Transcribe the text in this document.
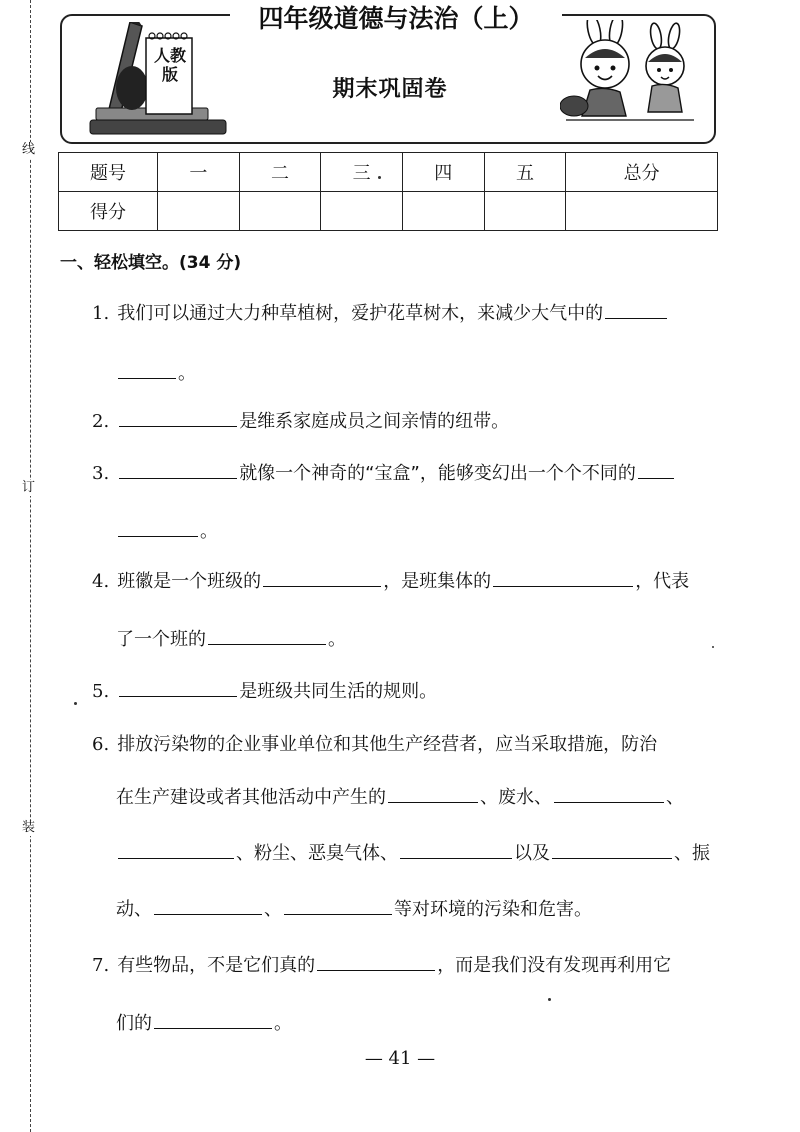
线
订
装
四年级道德与法治（上）
期末巩固卷
人教版
题号	一	二	三	四	五	总分
得分						
一、轻松填空。(34 分)
1. 我们可以通过大力种草植树，爱护花草树木，来减少大气中的
。
2.	是维系家庭成员之间亲情的纽带。
3.	就像一个神奇的“宝盒”，能够变幻出一个个不同的
。
4. 班徽是一个班级的	，是班集体的	，代表
了一个班的	。
5.	是班级共同生活的规则。
6. 排放污染物的企业事业单位和其他生产经营者，应当采取措施，防治
在生产建设或者其他活动中产生的	、废水、	、
、粉尘、恶臭气体、	以及	、振
动、	、	等对环境的污染和危害。
7. 有些物品，不是它们真的	，而是我们没有发现再利用它
们的	。
— 41 —
